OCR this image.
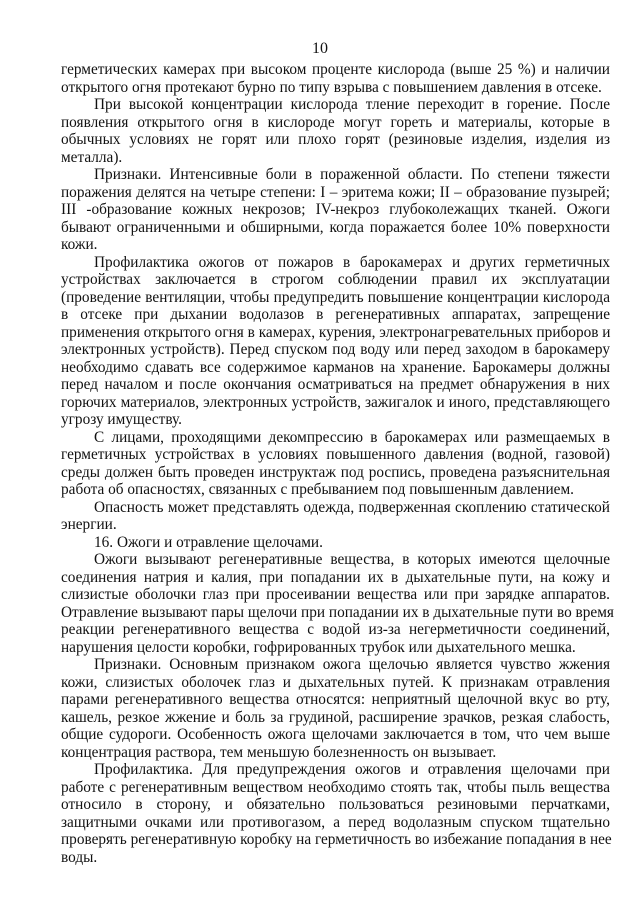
10
герметических камерах при высоком проценте кислорода (выше 25 %) и наличии
открытого огня протекают бурно по типу взрыва с повышением давления в отсеке.
При высокой концентрации кислорода тление переходит в горение. После
появления открытого огня в кислороде могут гореть и материалы, которые в
обычных условиях не горят или плохо горят (резиновые изделия, изделия из
металла).
Признаки. Интенсивные боли в пораженной области. По степени тяжести
поражения делятся на четыре степени: I – эритема кожи; II – образование пузырей;
III -образование кожных некрозов; IV-некроз глубоколежащих тканей. Ожоги
бывают ограниченными и обширными, когда поражается более 10% поверхности
кожи.
Профилактика ожогов от пожаров в барокамерах и других герметичных
устройствах заключается в строгом соблюдении правил их эксплуатации
(проведение вентиляции, чтобы предупредить повышение концентрации кислорода
в отсеке при дыхании водолазов в регенеративных аппаратах, запрещение
применения открытого огня в камерах, курения, электронагревательных приборов и
электронных устройств). Перед спуском под воду или перед заходом в барокамеру
необходимо сдавать все содержимое карманов на хранение. Барокамеры должны
перед началом и после окончания осматриваться на предмет обнаружения в них
горючих материалов, электронных устройств, зажигалок и иного, представляющего
угрозу имуществу.
С лицами, проходящими декомпрессию в барокамерах или размещаемых в
герметичных устройствах в условиях повышенного давления (водной, газовой)
среды должен быть проведен инструктаж под роспись, проведена разъяснительная
работа об опасностях, связанных с пребыванием под повышенным давлением.
Опасность может представлять одежда, подверженная скоплению статической
энергии.
16. Ожоги и отравление щелочами.
Ожоги вызывают регенеративные вещества, в которых имеются щелочные
соединения натрия и калия, при попадании их в дыхательные пути, на кожу и
слизистые оболочки глаз при просеивании вещества или при зарядке аппаратов.
Отравление вызывают пары щелочи при попадании их в дыхательные пути во время
реакции регенеративного вещества с водой из-за негерметичности соединений,
нарушения целости коробки, гофрированных трубок или дыхательного мешка.
Признаки. Основным признаком ожога щелочью является чувство жжения
кожи, слизистых оболочек глаз и дыхательных путей. К признакам отравления
парами регенеративного вещества относятся: неприятный щелочной вкус во рту,
кашель, резкое жжение и боль за грудиной, расширение зрачков, резкая слабость,
общие судороги. Особенность ожога щелочами заключается в том, что чем выше
концентрация раствора, тем меньшую болезненность он вызывает.
Профилактика. Для предупреждения ожогов и отравления щелочами при
работе с регенеративным веществом необходимо стоять так, чтобы пыль вещества
относило в сторону, и обязательно пользоваться резиновыми перчатками,
защитными очками или противогазом, а перед водолазным спуском тщательно
проверять регенеративную коробку на герметичность во избежание попадания в нее
воды.
